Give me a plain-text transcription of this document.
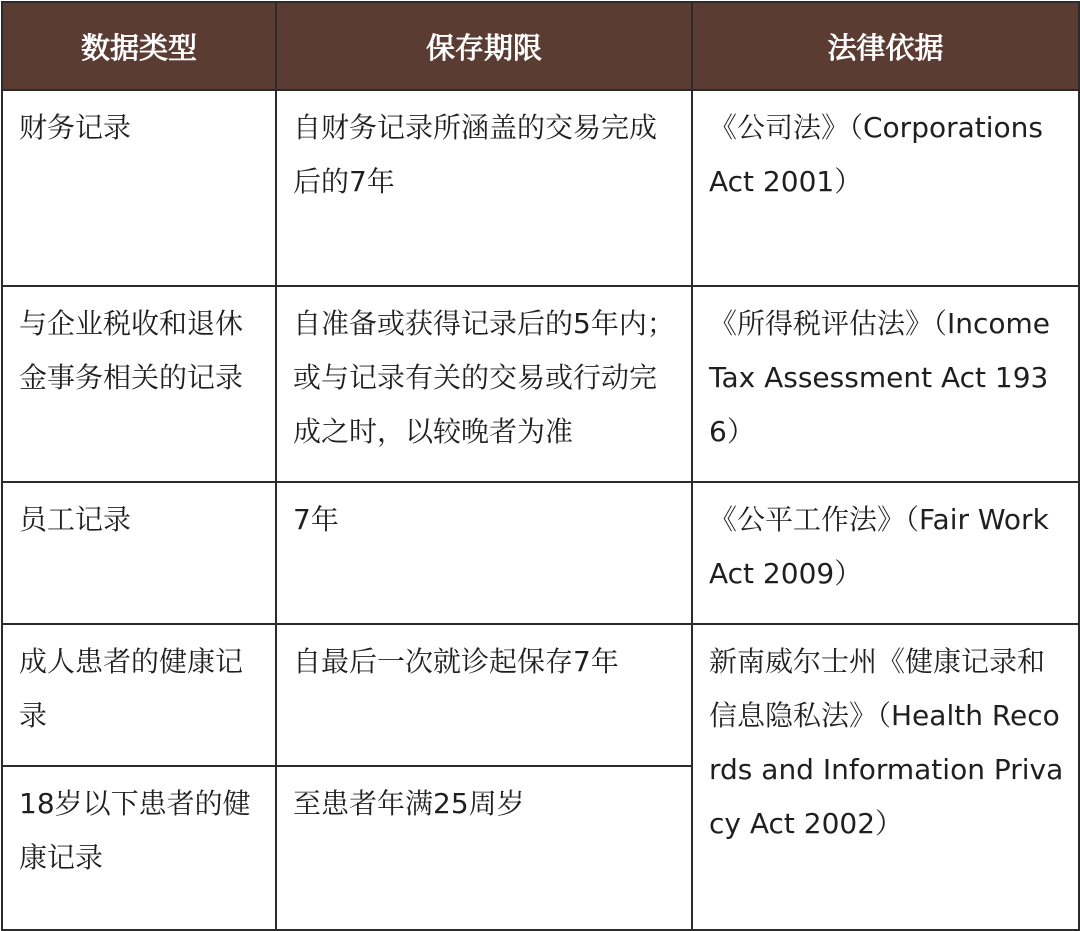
数据类型	保存期限	法律依据
财务记录	自财务记录所涵盖的交易完成后的7年	《公司法》（Corporations Act 2001）
与企业税收和退休金事务相关的记录	自准备或获得记录后的5年内；或与记录有关的交易或行动完成之时，以较晚者为准	《所得税评估法》（Income Tax Assessment Act 1936）
员工记录	7年	《公平工作法》（Fair Work Act 2009）
成人患者的健康记录	自最后一次就诊起保存7年	新南威尔士州《健康记录和信息隐私法》（Health Records and Information Privacy Act 2002）
18岁以下患者的健康记录	至患者年满25周岁	
